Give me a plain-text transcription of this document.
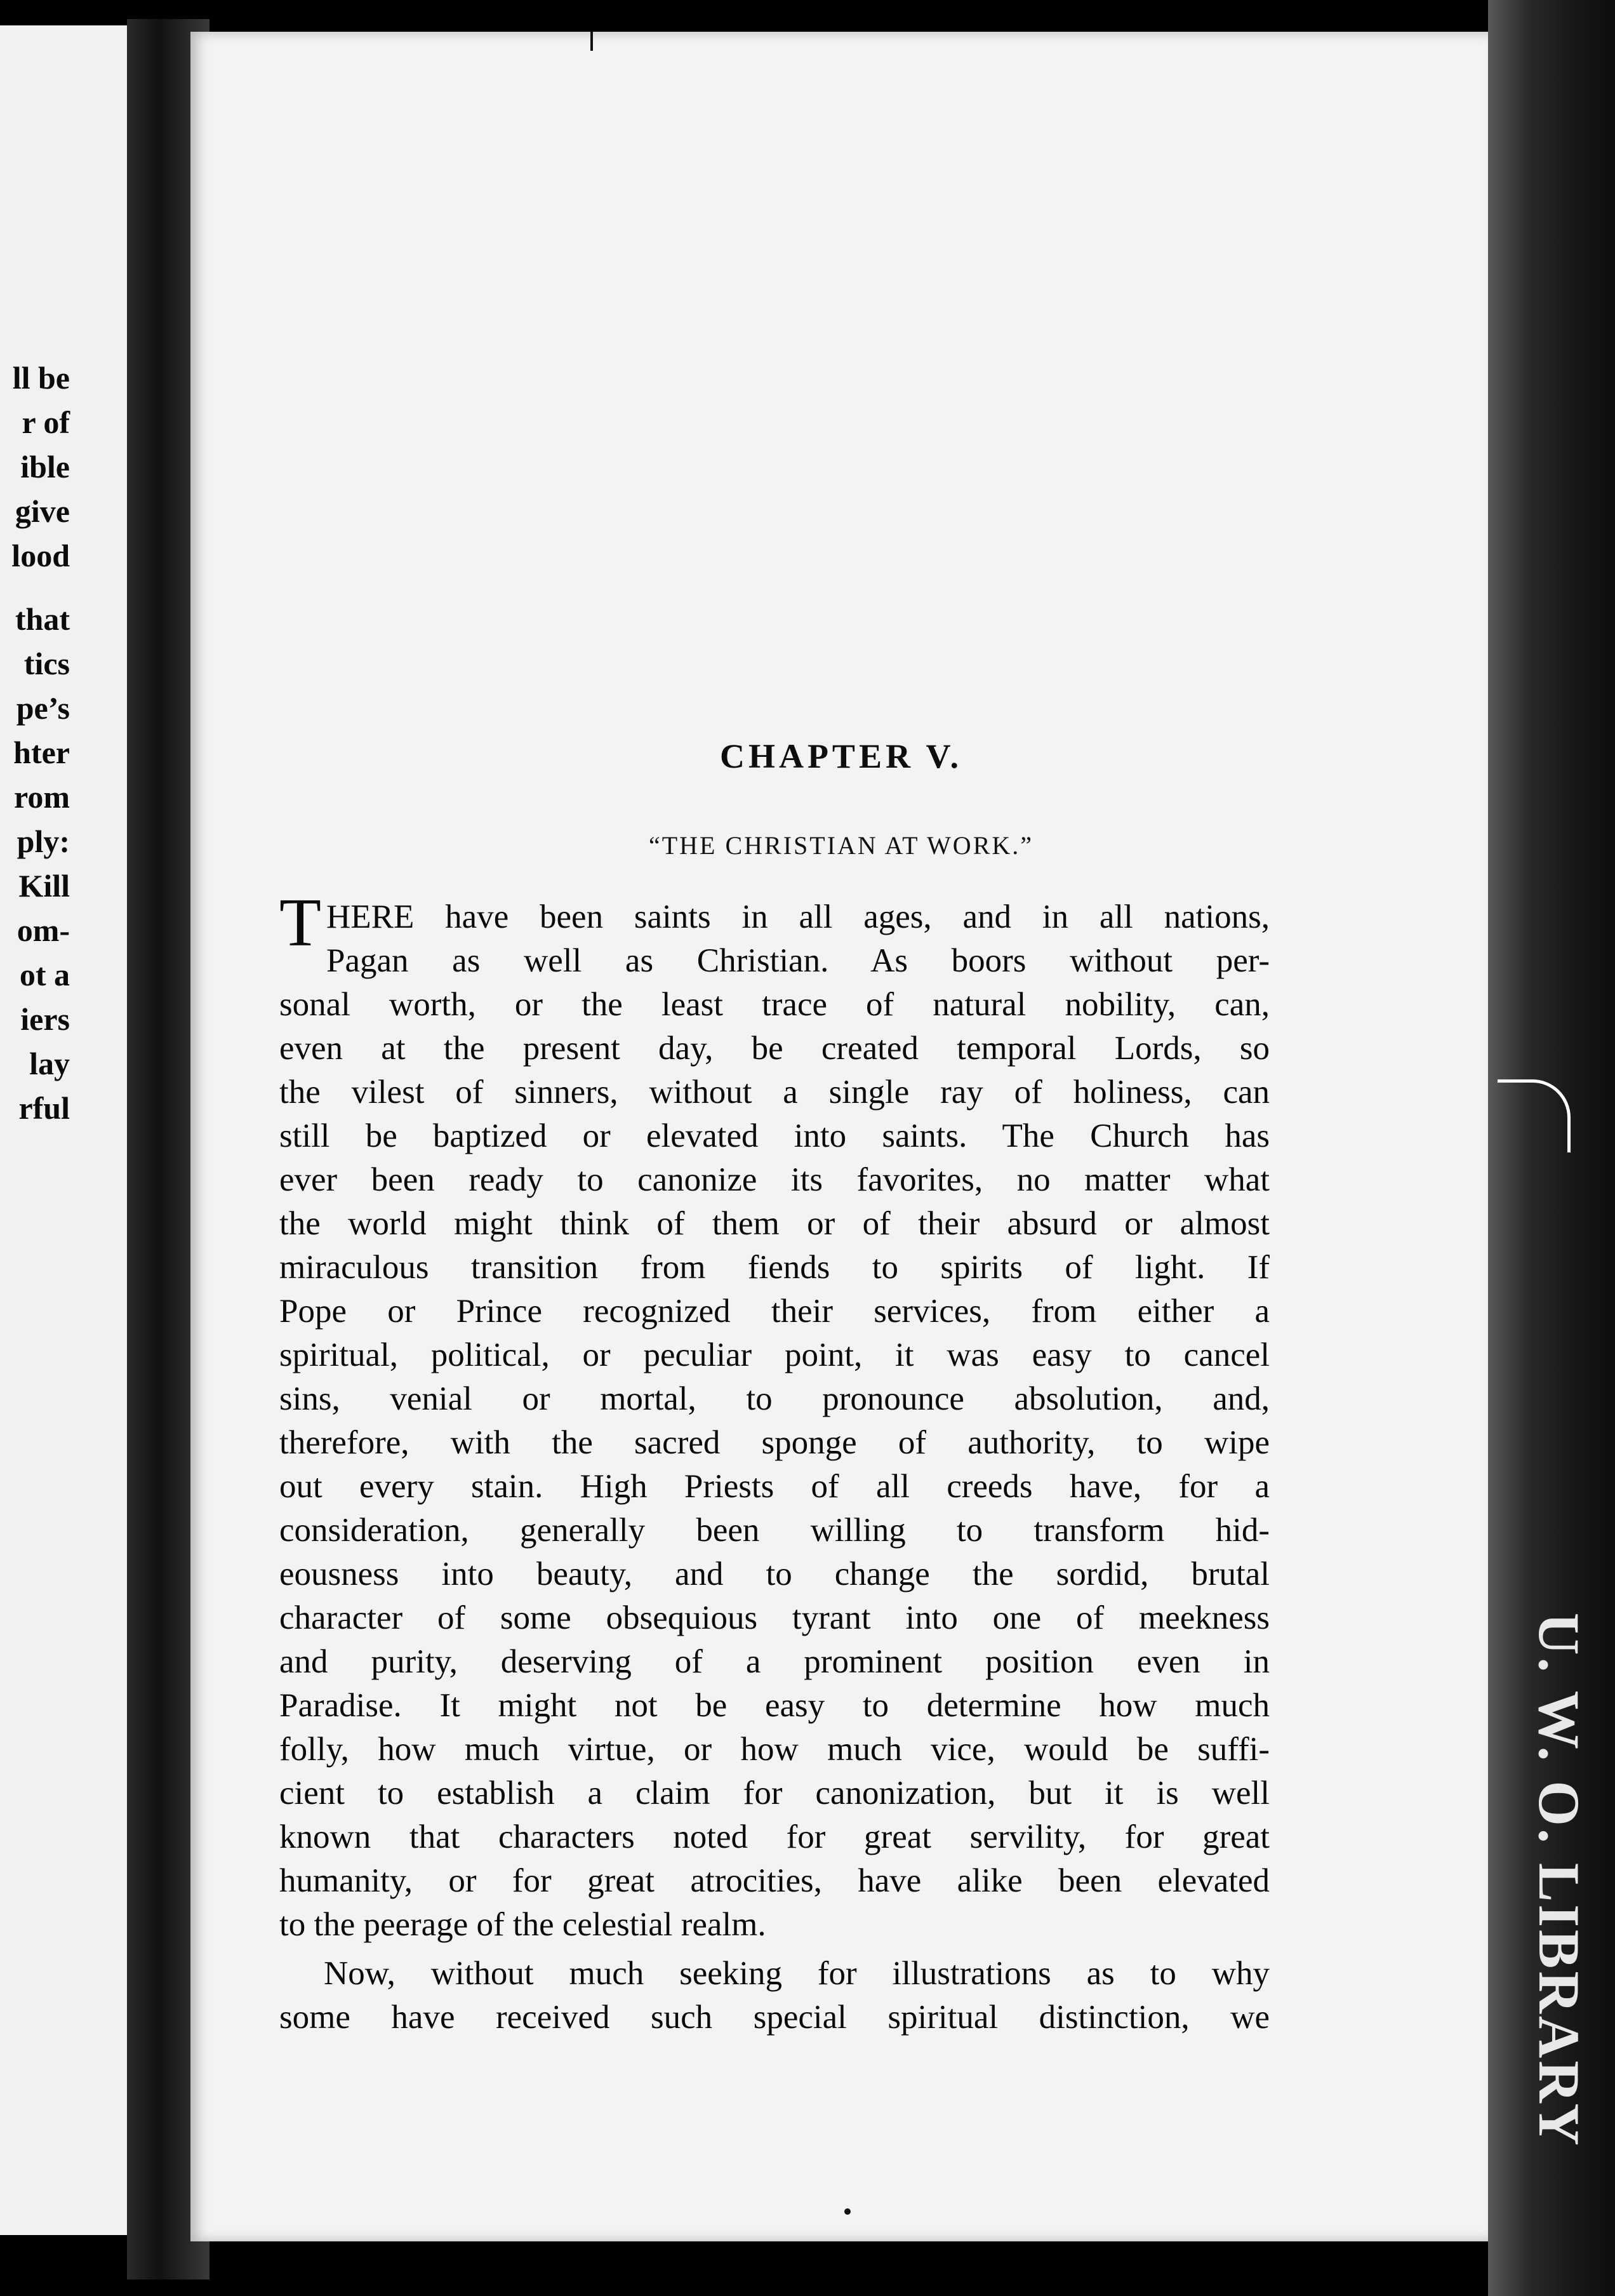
ll be
r of
ible
give
lood
that
tics
pe’s
hter
rom
ply:
Kill
om-
ot a
iers
lay
rful
CHAPTER V.
“THE CHRISTIAN AT WORK.”
THERE have been saints in all ages, and in all nations,
Pagan as well as Christian. As boors without per-
sonal worth, or the least trace of natural nobility, can,
even at the present day, be created temporal Lords, so
the vilest of sinners, without a single ray of holiness, can
still be baptized or elevated into saints. The Church has
ever been ready to canonize its favorites, no matter what
the world might think of them or of their absurd or almost
miraculous transition from fiends to spirits of light. If
Pope or Prince recognized their services, from either a
spiritual, political, or peculiar point, it was easy to cancel
sins, venial or mortal, to pronounce absolution, and,
therefore, with the sacred sponge of authority, to wipe
out every stain. High Priests of all creeds have, for a
consideration, generally been willing to transform hid-
eousness into beauty, and to change the sordid, brutal
character of some obsequious tyrant into one of meekness
and purity, deserving of a prominent position even in
Paradise. It might not be easy to determine how much
folly, how much virtue, or how much vice, would be suffi-
cient to establish a claim for canonization, but it is well
known that characters noted for great servility, for great
humanity, or for great atrocities, have alike been elevated
to the peerage of the celestial realm.
Now, without much seeking for illustrations as to why
some have received such special spiritual distinction, we	U. W. O. LIBRARY
